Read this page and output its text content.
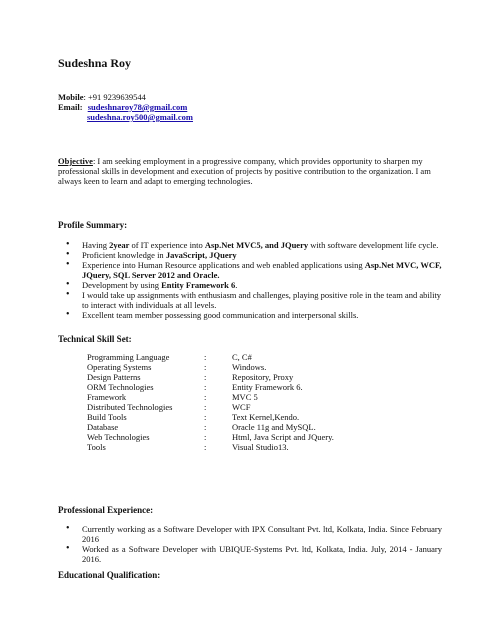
Sudeshna Roy
Mobile: +91 9239639544
Email: sudeshnaroy78@gmail.com
sudeshna.roy500@gmail.com
Objective: I am seeking employment in a progressive company, which provides opportunity to sharpen my professional skills in development and execution of projects by positive contribution to the organization. I am always keen to learn and adapt to emerging technologies.
Profile Summary:
• Having 2year of IT experience into Asp.Net MVC5, and JQuery with software development life cycle.
• Proficient knowledge in JavaScript, JQuery
• Experience into Human Resource applications and web enabled applications using Asp.Net MVC, WCF, JQuery, SQL Server 2012 and Oracle.
• Development by using Entity Framework 6.
• I would take up assignments with enthusiasm and challenges, playing positive role in the team and ability to interact with individuals at all levels.
• Excellent team member possessing good communication and interpersonal skills.
Technical Skill Set:
Programming Language	:	C, C#
Operating Systems	:	Windows.
Design Patterns	:	Repository, Proxy
ORM Technologies	:	Entity Framework 6.
Framework	:	MVC 5
Distributed Technologies	:	WCF
Build Tools	:	Text Kernel,Kendo.
Database	:	Oracle 11g and MySQL.
Web Technologies	:	Html, Java Script and JQuery.
Tools	:	Visual Studio13.
Professional Experience:
• Currently working as a Software Developer with IPX Consultant Pvt. ltd, Kolkata, India. Since February 2016
• Worked as a Software Developer with UBIQUE-Systems Pvt. ltd, Kolkata, India. July, 2014 - January 2016.
Educational Qualification:
